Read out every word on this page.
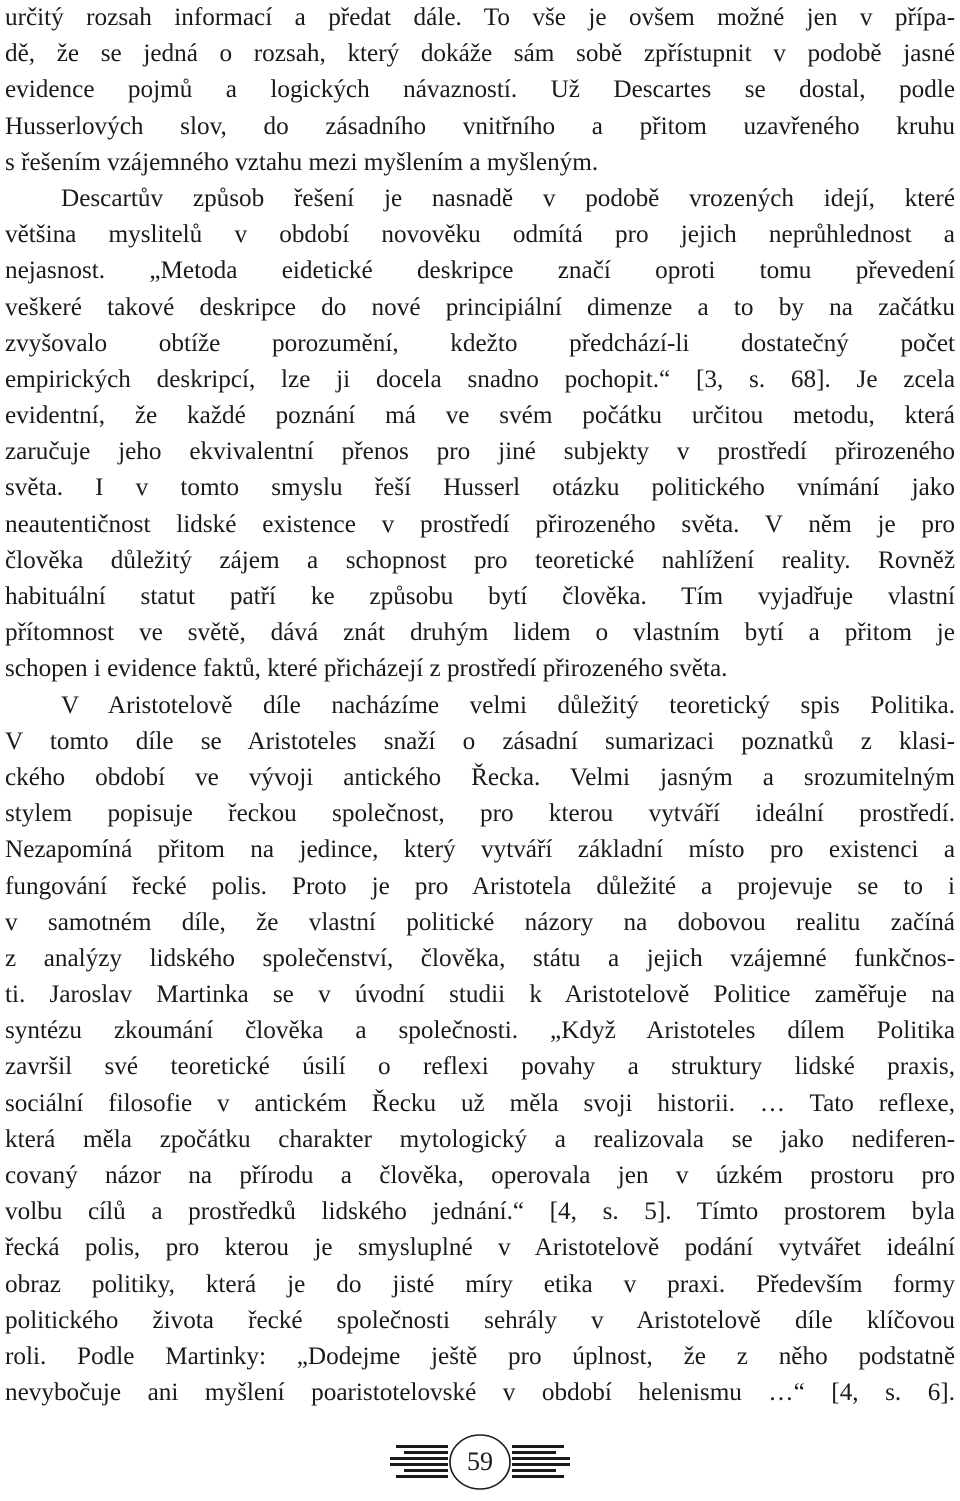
určitý rozsah informací a předat dále. To vše je ovšem možné jen v přípa-
dě, že se jedná o rozsah, který dokáže sám sobě zpřístupnit v podobě jasné
evidence pojmů a logických návazností. Už Descartes se dostal, podle
Husserlových slov, do zásadního vnitřního a přitom uzavřeného kruhu
s řešením vzájemného vztahu mezi myšlením a myšleným.
Descartův způsob řešení je nasnadě v podobě vrozených idejí, které
většina myslitelů v období novověku odmítá pro jejich neprůhlednost a
nejasnost. „Metoda eidetické deskripce značí oproti tomu převedení
veškeré takové deskripce do nové principiální dimenze a to by na začátku
zvyšovalo obtíže porozumění, kdežto předchází-li dostatečný počet
empirických deskripcí, lze ji docela snadno pochopit.“ [3, s. 68]. Je zcela
evidentní, že každé poznání má ve svém počátku určitou metodu, která
zaručuje jeho ekvivalentní přenos pro jiné subjekty v prostředí přirozeného
světa. I v tomto smyslu řeší Husserl otázku politického vnímání jako
neautentičnost lidské existence v prostředí přirozeného světa. V něm je pro
člověka důležitý zájem a schopnost pro teoretické nahlížení reality. Rovněž
habituální statut patří ke způsobu bytí člověka. Tím vyjadřuje vlastní
přítomnost ve světě, dává znát druhým lidem o vlastním bytí a přitom je
schopen i evidence faktů, které přicházejí z prostředí přirozeného světa.
V Aristotelově díle nacházíme velmi důležitý teoretický spis Politika.
V tomto díle se Aristoteles snaží o zásadní sumarizaci poznatků z klasi-
ckého období ve vývoji antického Řecka. Velmi jasným a srozumitelným
stylem popisuje řeckou společnost, pro kterou vytváří ideální prostředí.
Nezapomíná přitom na jedince, který vytváří základní místo pro existenci a
fungování řecké polis. Proto je pro Aristotela důležité a projevuje se to i
v samotném díle, že vlastní politické názory na dobovou realitu začíná
z analýzy lidského společenství, člověka, státu a jejich vzájemné funkčnos-
ti. Jaroslav Martinka se v úvodní studii k Aristotelově Politice zaměřuje na
syntézu zkoumání člověka a společnosti. „Když Aristoteles dílem Politika
završil své teoretické úsilí o reflexi povahy a struktury lidské praxis,
sociální filosofie v antickém Řecku už měla svoji historii. … Tato reflexe,
která měla zpočátku charakter mytologický a realizovala se jako nediferen-
covaný názor na přírodu a člověka, operovala jen v úzkém prostoru pro
volbu cílů a prostředků lidského jednání.“ [4, s. 5]. Tímto prostorem byla
řecká polis, pro kterou je smysluplné v Aristotelově podání vytvářet ideální
obraz politiky, která je do jisté míry etika v praxi. Především formy
politického života řecké společnosti sehrály v Aristotelově díle klíčovou
roli. Podle Martinky: „Dodejme ještě pro úplnost, že z něho podstatně
nevybočuje ani myšlení poaristotelovské v období helenismu …“ [4, s. 6].
59
